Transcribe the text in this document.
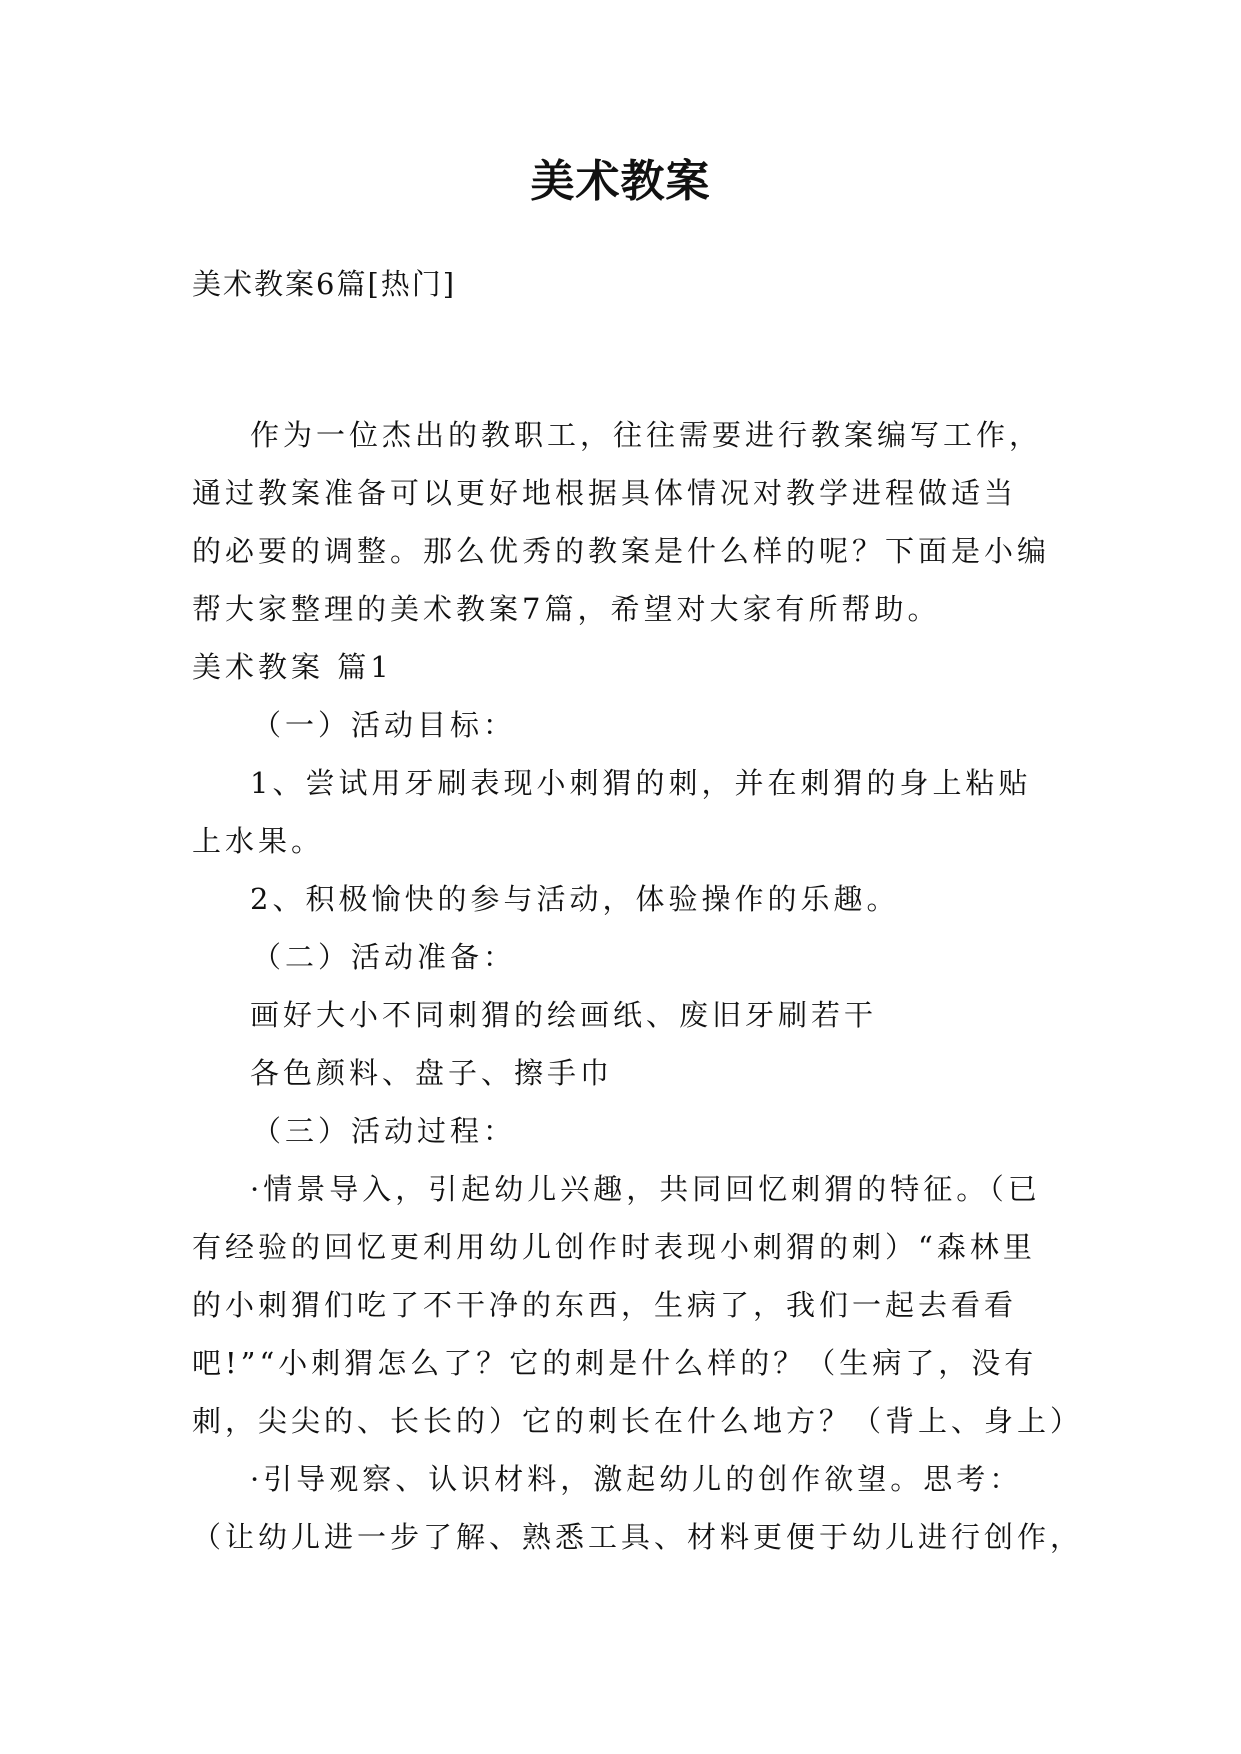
美术教案
美术教案6篇[热门]

作为一位杰出的教职工，往往需要进行教案编写工作，

通过教案准备可以更好地根据具体情况对教学进程做适当

的必要的调整。那么优秀的教案是什么样的呢？下面是小编

帮大家整理的美术教案7篇，希望对大家有所帮助。

美术教案 篇1

（一）活动目标：

1、尝试用牙刷表现小刺猬的刺，并在刺猬的身上粘贴

上水果。

2、积极愉快的参与活动，体验操作的乐趣。

（二）活动准备：

画好大小不同刺猬的绘画纸、废旧牙刷若干

各色颜料、盘子、擦手巾

（三）活动过程：

·情景导入，引起幼儿兴趣，共同回忆刺猬的特征。（已

有经验的回忆更利用幼儿创作时表现小刺猬的刺）“森林里

的小刺猬们吃了不干净的东西，生病了，我们一起去看看

吧!”“小刺猬怎么了？它的刺是什么样的？（生病了，没有

刺，尖尖的、长长的）它的刺长在什么地方？（背上、身上）

·引导观察、认识材料，激起幼儿的创作欲望。思考：

（让幼儿进一步了解、熟悉工具、材料更便于幼儿进行创作，
